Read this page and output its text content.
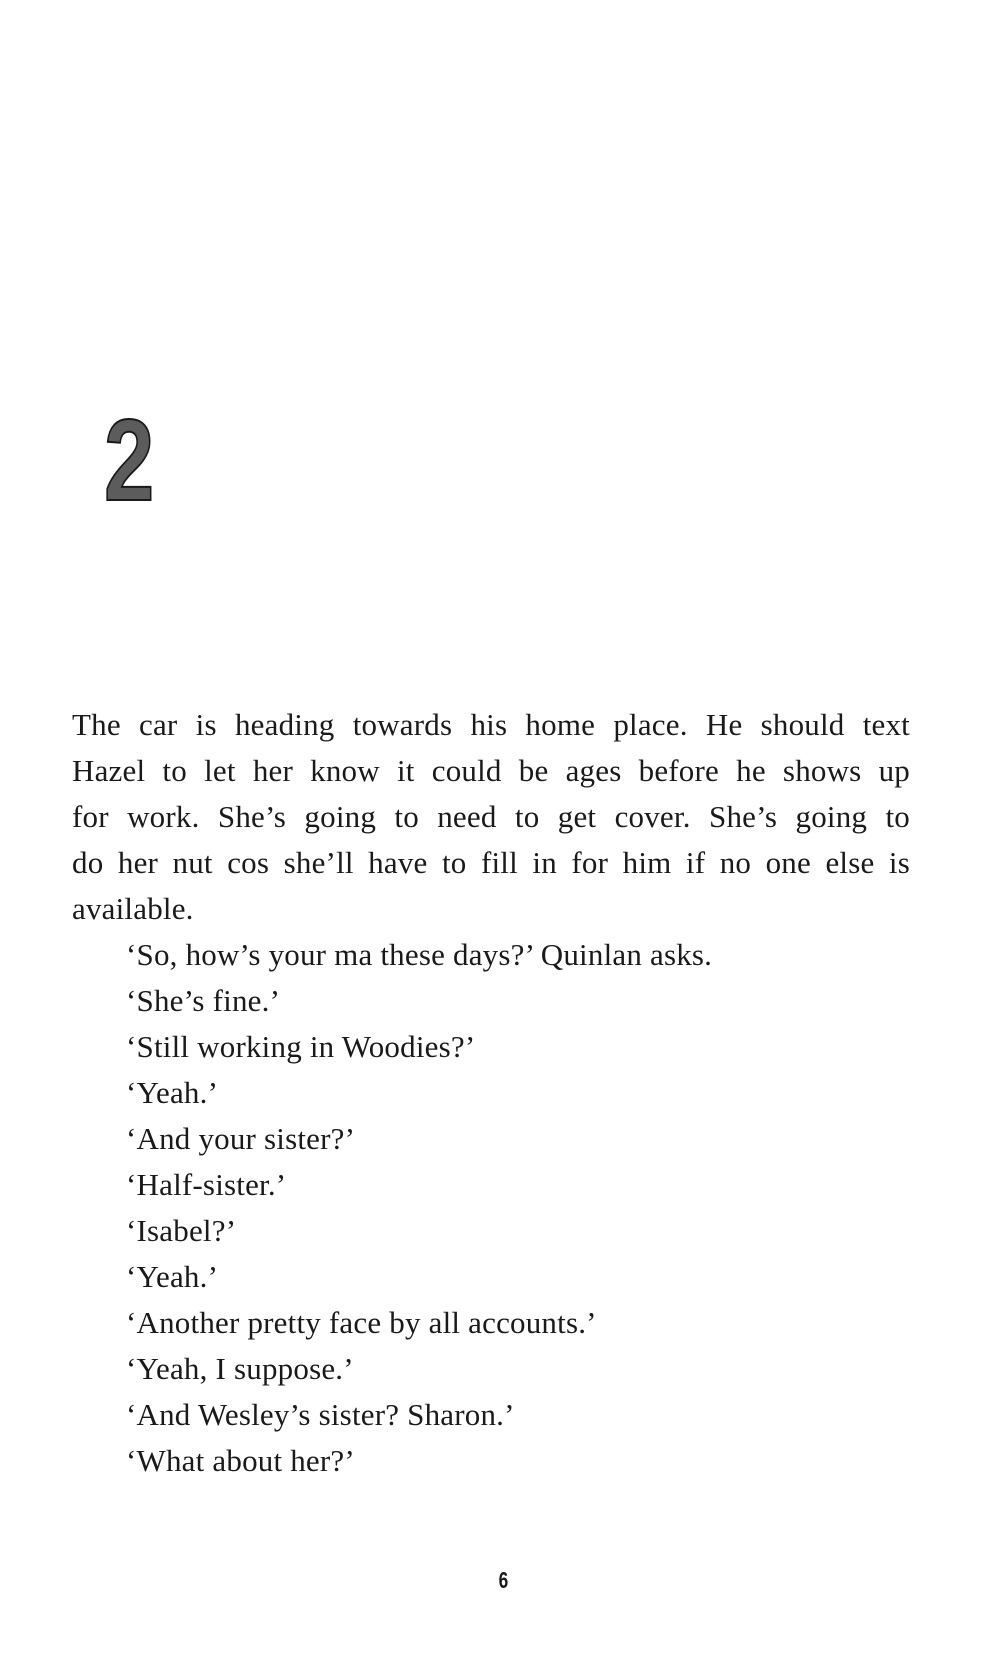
2

The car is heading towards his home place. He should text
Hazel to let her know it could be ages before he shows up
for work. She’s going to need to get cover. She’s going to
do her nut cos she’ll have to fill in for him if no one else is
available.

‘So, how’s your ma these days?’ Quinlan asks.
‘She’s fine.’
‘Still working in Woodies?’
‘Yeah.’
‘And your sister?’
‘Half-sister.’
‘Isabel?’
‘Yeah.’
‘Another pretty face by all accounts.’
‘Yeah, I suppose.’
‘And Wesley’s sister? Sharon.’
‘What about her?’
6
